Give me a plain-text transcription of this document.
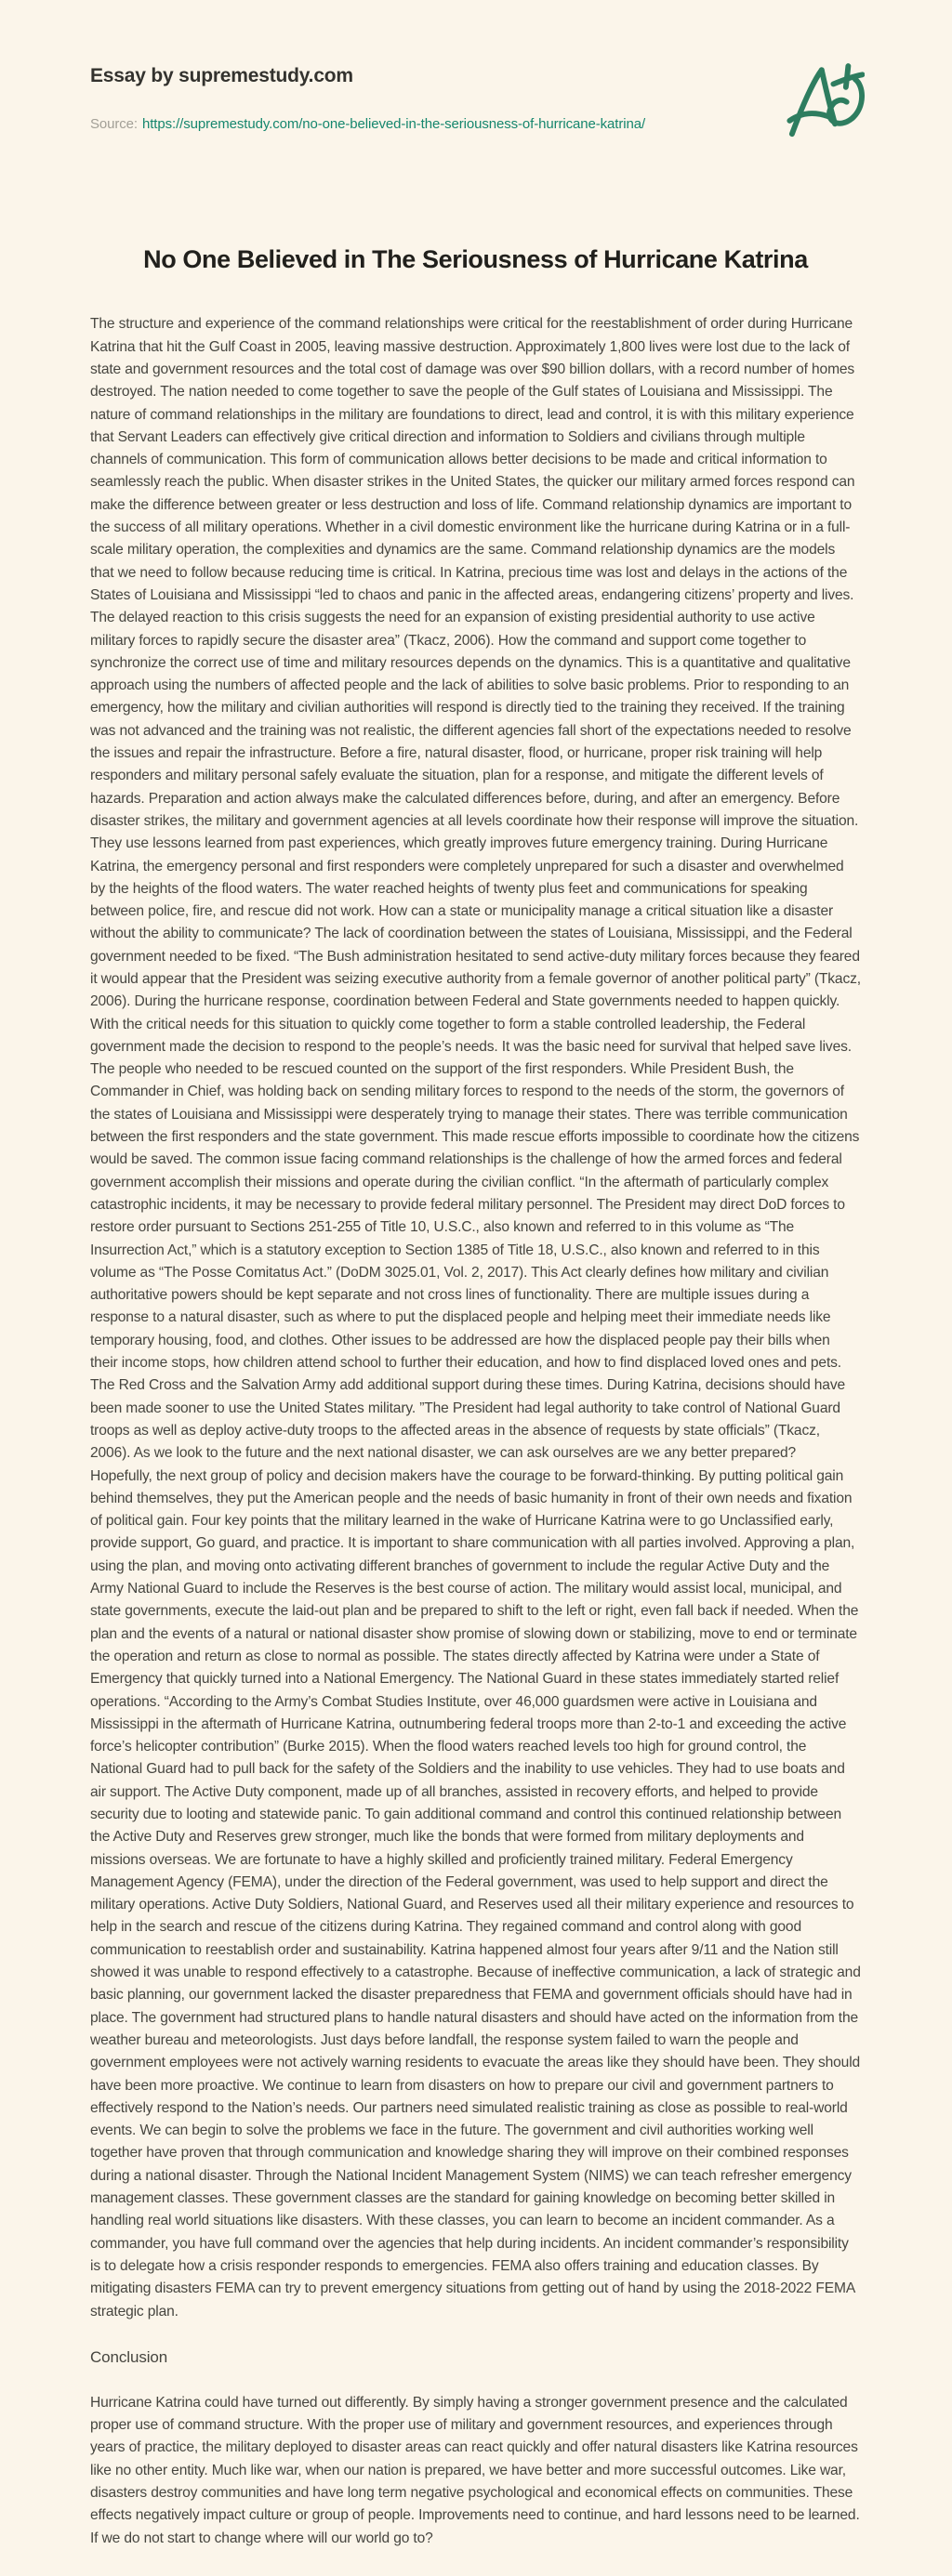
Essay by supremestudy.com
Source: https://supremestudy.com/no-one-believed-in-the-seriousness-of-hurricane-katrina/
No One Believed in The Seriousness of Hurricane Katrina

The structure and experience of the command relationships were critical for the reestablishment of order during Hurricane Katrina that hit the Gulf Coast in 2005, leaving massive destruction. Approximately 1,800 lives were lost due to the lack of state and government resources and the total cost of damage was over $90 billion dollars, with a record number of homes destroyed. The nation needed to come together to save the people of the Gulf states of Louisiana and Mississippi. The nature of command relationships in the military are foundations to direct, lead and control, it is with this military experience that Servant Leaders can effectively give critical direction and information to Soldiers and civilians through multiple channels of communication. This form of communication allows better decisions to be made and critical information to seamlessly reach the public. When disaster strikes in the United States, the quicker our military armed forces respond can make the difference between greater or less destruction and loss of life. Command relationship dynamics are important to the success of all military operations. Whether in a civil domestic environment like the hurricane during Katrina or in a full-scale military operation, the complexities and dynamics are the same. Command relationship dynamics are the models that we need to follow because reducing time is critical. In Katrina, precious time was lost and delays in the actions of the States of Louisiana and Mississippi “led to chaos and panic in the affected areas, endangering citizens’ property and lives. The delayed reaction to this crisis suggests the need for an expansion of existing presidential authority to use active military forces to rapidly secure the disaster area” (Tkacz, 2006). How the command and support come together to synchronize the correct use of time and military resources depends on the dynamics. This is a quantitative and qualitative approach using the numbers of affected people and the lack of abilities to solve basic problems. Prior to responding to an emergency, how the military and civilian authorities will respond is directly tied to the training they received. If the training was not advanced and the training was not realistic, the different agencies fall short of the expectations needed to resolve the issues and repair the infrastructure. Before a fire, natural disaster, flood, or hurricane, proper risk training will help responders and military personal safely evaluate the situation, plan for a response, and mitigate the different levels of hazards. Preparation and action always make the calculated differences before, during, and after an emergency. Before disaster strikes, the military and government agencies at all levels coordinate how their response will improve the situation. They use lessons learned from past experiences, which greatly improves future emergency training. During Hurricane Katrina, the emergency personal and first responders were completely unprepared for such a disaster and overwhelmed by the heights of the flood waters. The water reached heights of twenty plus feet and communications for speaking between police, fire, and rescue did not work. How can a state or municipality manage a critical situation like a disaster without the ability to communicate? The lack of coordination between the states of Louisiana, Mississippi, and the Federal government needed to be fixed. “The Bush administration hesitated to send active-duty military forces because they feared it would appear that the President was seizing executive authority from a female governor of another political party” (Tkacz, 2006). During the hurricane response, coordination between Federal and State governments needed to happen quickly. With the critical needs for this situation to quickly come together to form a stable controlled leadership, the Federal government made the decision to respond to the people’s needs. It was the basic need for survival that helped save lives. The people who needed to be rescued counted on the support of the first responders. While President Bush, the Commander in Chief, was holding back on sending military forces to respond to the needs of the storm, the governors of the states of Louisiana and Mississippi were desperately trying to manage their states. There was terrible communication between the first responders and the state government. This made rescue efforts impossible to coordinate how the citizens would be saved. The common issue facing command relationships is the challenge of how the armed forces and federal government accomplish their missions and operate during the civilian conflict. “In the aftermath of particularly complex catastrophic incidents, it may be necessary to provide federal military personnel. The President may direct DoD forces to restore order pursuant to Sections 251-255 of Title 10, U.S.C., also known and referred to in this volume as “The Insurrection Act,” which is a statutory exception to Section 1385 of Title 18, U.S.C., also known and referred to in this volume as “The Posse Comitatus Act.” (DoDM 3025.01, Vol. 2, 2017). This Act clearly defines how military and civilian authoritative powers should be kept separate and not cross lines of functionality. There are multiple issues during a response to a natural disaster, such as where to put the displaced people and helping meet their immediate needs like temporary housing, food, and clothes. Other issues to be addressed are how the displaced people pay their bills when their income stops, how children attend school to further their education, and how to find displaced loved ones and pets. The Red Cross and the Salvation Army add additional support during these times. During Katrina, decisions should have been made sooner to use the United States military. ”The President had legal authority to take control of National Guard troops as well as deploy active-duty troops to the affected areas in the absence of requests by state officials” (Tkacz, 2006). As we look to the future and the next national disaster, we can ask ourselves are we any better prepared? Hopefully, the next group of policy and decision makers have the courage to be forward-thinking. By putting political gain behind themselves, they put the American people and the needs of basic humanity in front of their own needs and fixation of political gain. Four key points that the military learned in the wake of Hurricane Katrina were to go Unclassified early, provide support, Go guard, and practice. It is important to share communication with all parties involved. Approving a plan, using the plan, and moving onto activating different branches of government to include the regular Active Duty and the Army National Guard to include the Reserves is the best course of action. The military would assist local, municipal, and state governments, execute the laid-out plan and be prepared to shift to the left or right, even fall back if needed. When the plan and the events of a natural or national disaster show promise of slowing down or stabilizing, move to end or terminate the operation and return as close to normal as possible. The states directly affected by Katrina were under a State of Emergency that quickly turned into a National Emergency. The National Guard in these states immediately started relief operations. “According to the Army’s Combat Studies Institute, over 46,000 guardsmen were active in Louisiana and Mississippi in the aftermath of Hurricane Katrina, outnumbering federal troops more than 2-to-1 and exceeding the active force’s helicopter contribution” (Burke 2015). When the flood waters reached levels too high for ground control, the National Guard had to pull back for the safety of the Soldiers and the inability to use vehicles. They had to use boats and air support. The Active Duty component, made up of all branches, assisted in recovery efforts, and helped to provide security due to looting and statewide panic. To gain additional command and control this continued relationship between the Active Duty and Reserves grew stronger, much like the bonds that were formed from military deployments and missions overseas. We are fortunate to have a highly skilled and proficiently trained military. Federal Emergency Management Agency (FEMA), under the direction of the Federal government, was used to help support and direct the military operations. Active Duty Soldiers, National Guard, and Reserves used all their military experience and resources to help in the search and rescue of the citizens during Katrina. They regained command and control along with good communication to reestablish order and sustainability. Katrina happened almost four years after 9/11 and the Nation still showed it was unable to respond effectively to a catastrophe. Because of ineffective communication, a lack of strategic and basic planning, our government lacked the disaster preparedness that FEMA and government officials should have had in place. The government had structured plans to handle natural disasters and should have acted on the information from the weather bureau and meteorologists. Just days before landfall, the response system failed to warn the people and government employees were not actively warning residents to evacuate the areas like they should have been. They should have been more proactive. We continue to learn from disasters on how to prepare our civil and government partners to effectively respond to the Nation’s needs. Our partners need simulated realistic training as close as possible to real-world events. We can begin to solve the problems we face in the future. The government and civil authorities working well together have proven that through communication and knowledge sharing they will improve on their combined responses during a national disaster. Through the National Incident Management System (NIMS) we can teach refresher emergency management classes. These government classes are the standard for gaining knowledge on becoming better skilled in handling real world situations like disasters. With these classes, you can learn to become an incident commander. As a commander, you have full command over the agencies that help during incidents. An incident commander’s responsibility is to delegate how a crisis responder responds to emergencies. FEMA also offers training and education classes. By mitigating disasters FEMA can try to prevent emergency situations from getting out of hand by using the 2018-2022 FEMA strategic plan.

Conclusion

Hurricane Katrina could have turned out differently. By simply having a stronger government presence and the calculated proper use of command structure. With the proper use of military and government resources, and experiences through years of practice, the military deployed to disaster areas can react quickly and offer natural disasters like Katrina resources like no other entity. Much like war, when our nation is prepared, we have better and more successful outcomes. Like war, disasters destroy communities and have long term negative psychological and economical effects on communities. These effects negatively impact culture or group of people. Improvements need to continue, and hard lessons need to be learned. If we do not start to change where will our world go to?
